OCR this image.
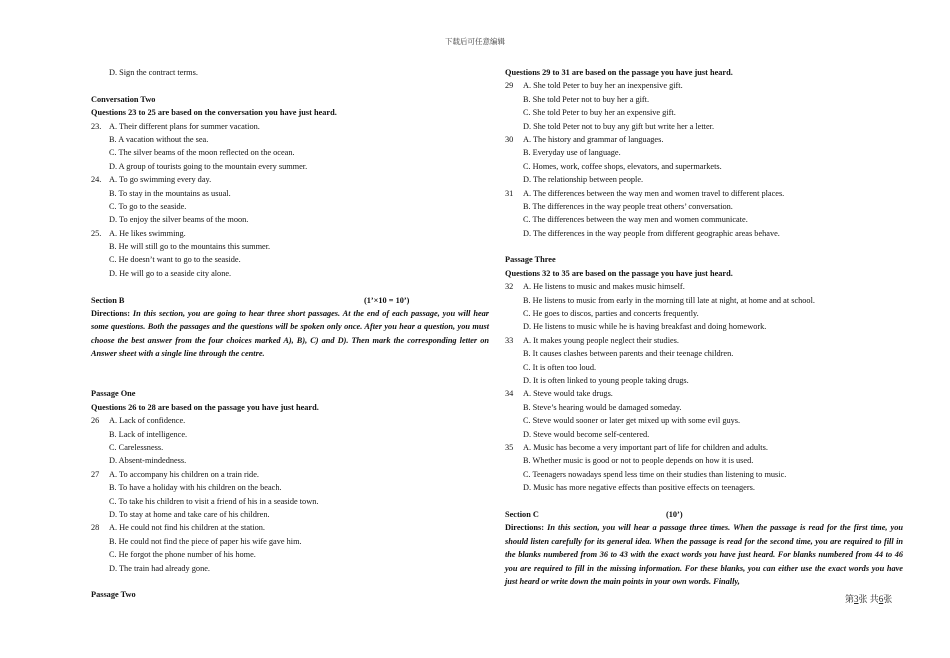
下载后可任意编辑
D. Sign the contract terms.
Conversation Two
Questions 23 to 25 are based on the conversation you have just heard.
23. A. Their different plans for summer vacation.
B. A vacation without the sea.
C. The silver beams of the moon reflected on the ocean.
D. A group of tourists going to the mountain every summer.
24. A. To go swimming every day.
B. To stay in the mountains as usual.
C. To go to the seaside.
D. To enjoy the silver beams of the moon.
25. A. He likes swimming.
B. He will still go to the mountains this summer.
C. He doesn’t want to go to the seaside.
D. He will go to a seaside city alone.
Section B	(1’×10 = 10’)
Directions: In this section, you are going to hear three short passages. At the end of each passage, you will hear some questions. Both the passages and the questions will be spoken only once. After you hear a question, you must choose the best answer from the four choices marked A), B), C) and D). Then mark the corresponding letter on Answer sheet with a single line through the centre.
Passage One
Questions 26 to 28 are based on the passage you have just heard.
26 A. Lack of confidence.
B. Lack of intelligence.
C. Carelessness.
D. Absent-mindedness.
27 A. To accompany his children on a train ride.
B. To have a holiday with his children on the beach.
C. To take his children to visit a friend of his in a seaside town.
D. To stay at home and take care of his children.
28 A. He could not find his children at the station.
B. He could not find the piece of paper his wife gave him.
C. He forgot the phone number of his home.
D. The train had already gone.
Passage Two
Questions 29 to 31 are based on the passage you have just heard.
29 A. She told Peter to buy her an inexpensive gift.
B. She told Peter not to buy her a gift.
C. She told Peter to buy her an expensive gift.
D. She told Peter not to buy any gift but write her a letter.
30 A. The history and grammar of languages.
B. Everyday use of language.
C. Homes, work, coffee shops, elevators, and supermarkets.
D. The relationship between people.
31 A. The differences between the way men and women travel to different places.
B. The differences in the way people treat others’ conversation.
C. The differences between the way men and women communicate.
D. The differences in the way people from different geographic areas behave.
Passage Three
Questions 32 to 35 are based on the passage you have just heard.
32 A. He listens to music and makes music himself.
B. He listens to music from early in the morning till late at night, at home and at school.
C. He goes to discos, parties and concerts frequently.
D. He listens to music while he is having breakfast and doing homework.
33 A. It makes young people neglect their studies.
B. It causes clashes between parents and their teenage children.
C. It is often too loud.
D. It is often linked to young people taking drugs.
34 A. Steve would take drugs.
B. Steve’s hearing would be damaged someday.
C. Steve would sooner or later get mixed up with some evil guys.
D. Steve would become self-centered.
35 A. Music has become a very important part of life for children and adults.
B. Whether music is good or not to people depends on how it is used.
C. Teenagers nowadays spend less time on their studies than listening to music.
D. Music has more negative effects than positive effects on teenagers.
Section C	(10’)
Directions: In this section, you will hear a passage three times. When the passage is read for the first time, you should listen carefully for its general idea. When the passage is read for the second time, you are required to fill in the blanks numbered from 36 to 43 with the exact words you have just heard. For blanks numbered from 44 to 46 you are required to fill in the missing information. For these blanks, you can either use the exact words you have just heard or write down the main points in your own words. Finally,
第3张 共6张
